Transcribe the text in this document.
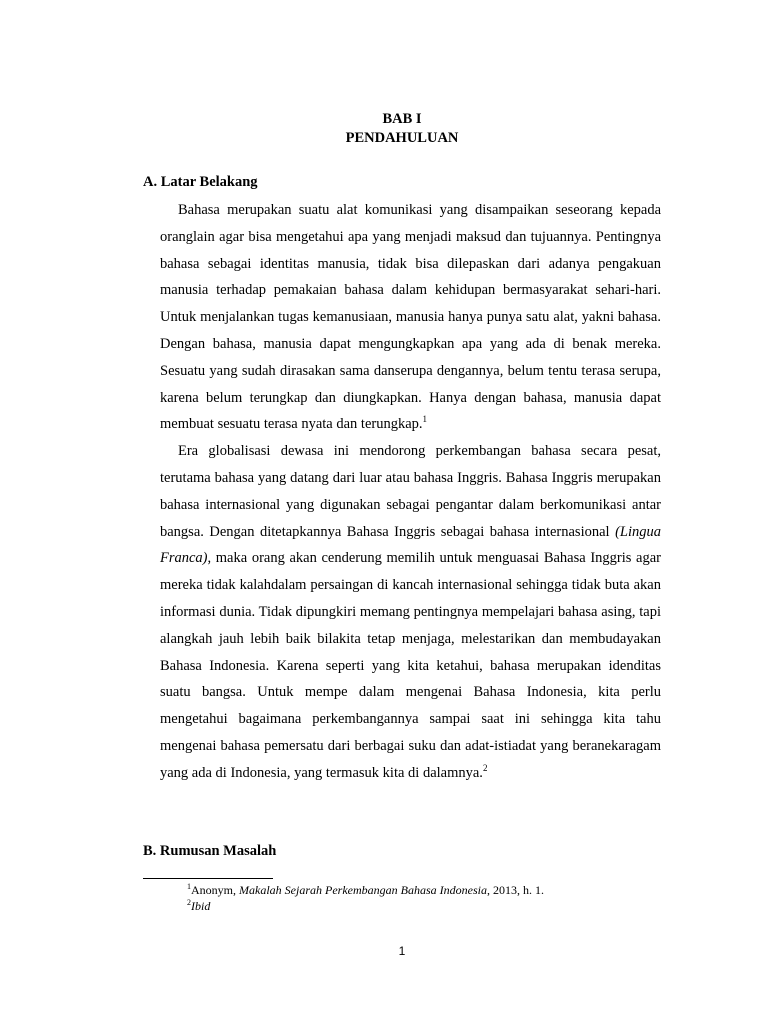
BAB I
PENDAHULUAN
A. Latar Belakang

Bahasa merupakan suatu alat komunikasi yang disampaikan seseorang kepada oranglain agar bisa mengetahui apa yang menjadi maksud dan tujuannya. Pentingnya bahasa sebagai identitas manusia, tidak bisa dilepaskan dari adanya pengakuan manusia terhadap pemakaian bahasa dalam kehidupan bermasyarakat sehari-hari. Untuk menjalankan tugas kemanusiaan, manusia hanya punya satu alat, yakni bahasa. Dengan bahasa, manusia dapat mengungkapkan apa yang ada di benak mereka. Sesuatu yang sudah dirasakan sama danserupa dengannya, belum tentu terasa serupa, karena belum terungkap dan diungkapkan. Hanya dengan bahasa, manusia dapat membuat sesuatu terasa nyata dan terungkap.$^1$

Era globalisasi dewasa ini mendorong perkembangan bahasa secara pesat, terutama bahasa yang datang dari luar atau bahasa Inggris. Bahasa Inggris merupakan bahasa internasional yang digunakan sebagai pengantar dalam berkomunikasi antar bangsa. Dengan ditetapkannya Bahasa Inggris sebagai bahasa internasional (Lingua Franca), maka orang akan cenderung memilih untuk menguasai Bahasa Inggris agar mereka tidak kalahdalam persaingan di kancah internasional sehingga tidak buta akan informasi dunia. Tidak dipungkiri memang pentingnya mempelajari bahasa asing, tapi alangkah jauh lebih baik bilakita tetap menjaga, melestarikan dan membudayakan Bahasa Indonesia. Karena seperti yang kita ketahui, bahasa merupakan idenditas suatu bangsa. Untuk mempe dalam mengenai Bahasa Indonesia, kita perlu mengetahui bagaimana perkembangannya sampai saat ini sehingga kita tahu mengenai bahasa pemersatu dari berbagai suku dan adat-istiadat yang beranekaragam yang ada di Indonesia, yang termasuk kita di dalamnya.$^2$

B. Rumusan Masalah
$^1$Anonym, Makalah Sejarah Perkembangan Bahasa Indonesia, 2013, h. 1.
$^2$Ibid
1
